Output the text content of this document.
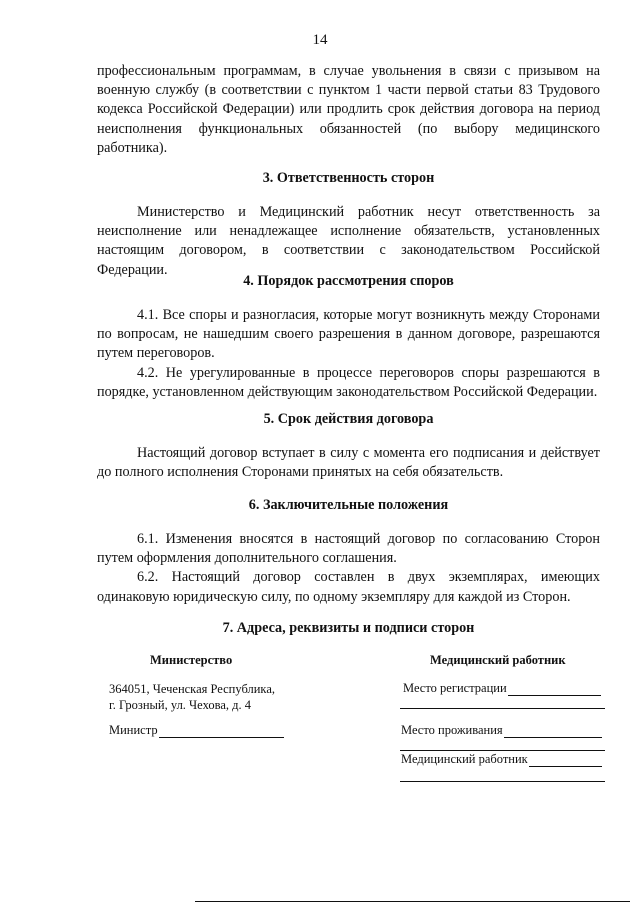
14

профессиональным программам, в случае увольнения в связи с призывом на военную службу (в соответствии с пунктом 1 части первой статьи 83 Трудового кодекса Российской Федерации) или продлить срок действия договора на период неисполнения функциональных обязанностей (по выбору медицинского работника).

3. Ответственность сторон

Министерство и Медицинский работник несут ответственность за неисполнение или ненадлежащее исполнение обязательств, установленных настоящим договором, в соответствии с законодательством Российской Федерации.

4. Порядок рассмотрения споров

4.1. Все споры и разногласия, которые могут возникнуть между Сторонами по вопросам, не нашедшим своего разрешения в данном договоре, разрешаются путем переговоров.

4.2. Не урегулированные в процессе переговоров споры разрешаются в порядке, установленном действующим законодательством Российской Федерации.

5. Срок действия договора

Настоящий договор вступает в силу с момента его подписания и действует до полного исполнения Сторонами принятых на себя обязательств.

6. Заключительные положения

6.1. Изменения вносятся в настоящий договор по согласованию Сторон путем оформления дополнительного соглашения.

6.2. Настоящий договор составлен в двух экземплярах, имеющих одинаковую юридическую силу, по одному экземпляру для каждой из Сторон.

7. Адреса, реквизиты и подписи сторон
Министерство
364051, Чеченская Республика,
г. Грозный, ул. Чехова, д. 4
Министр
Медицинский работник
Место регистрации
Место проживания
Медицинский работник
